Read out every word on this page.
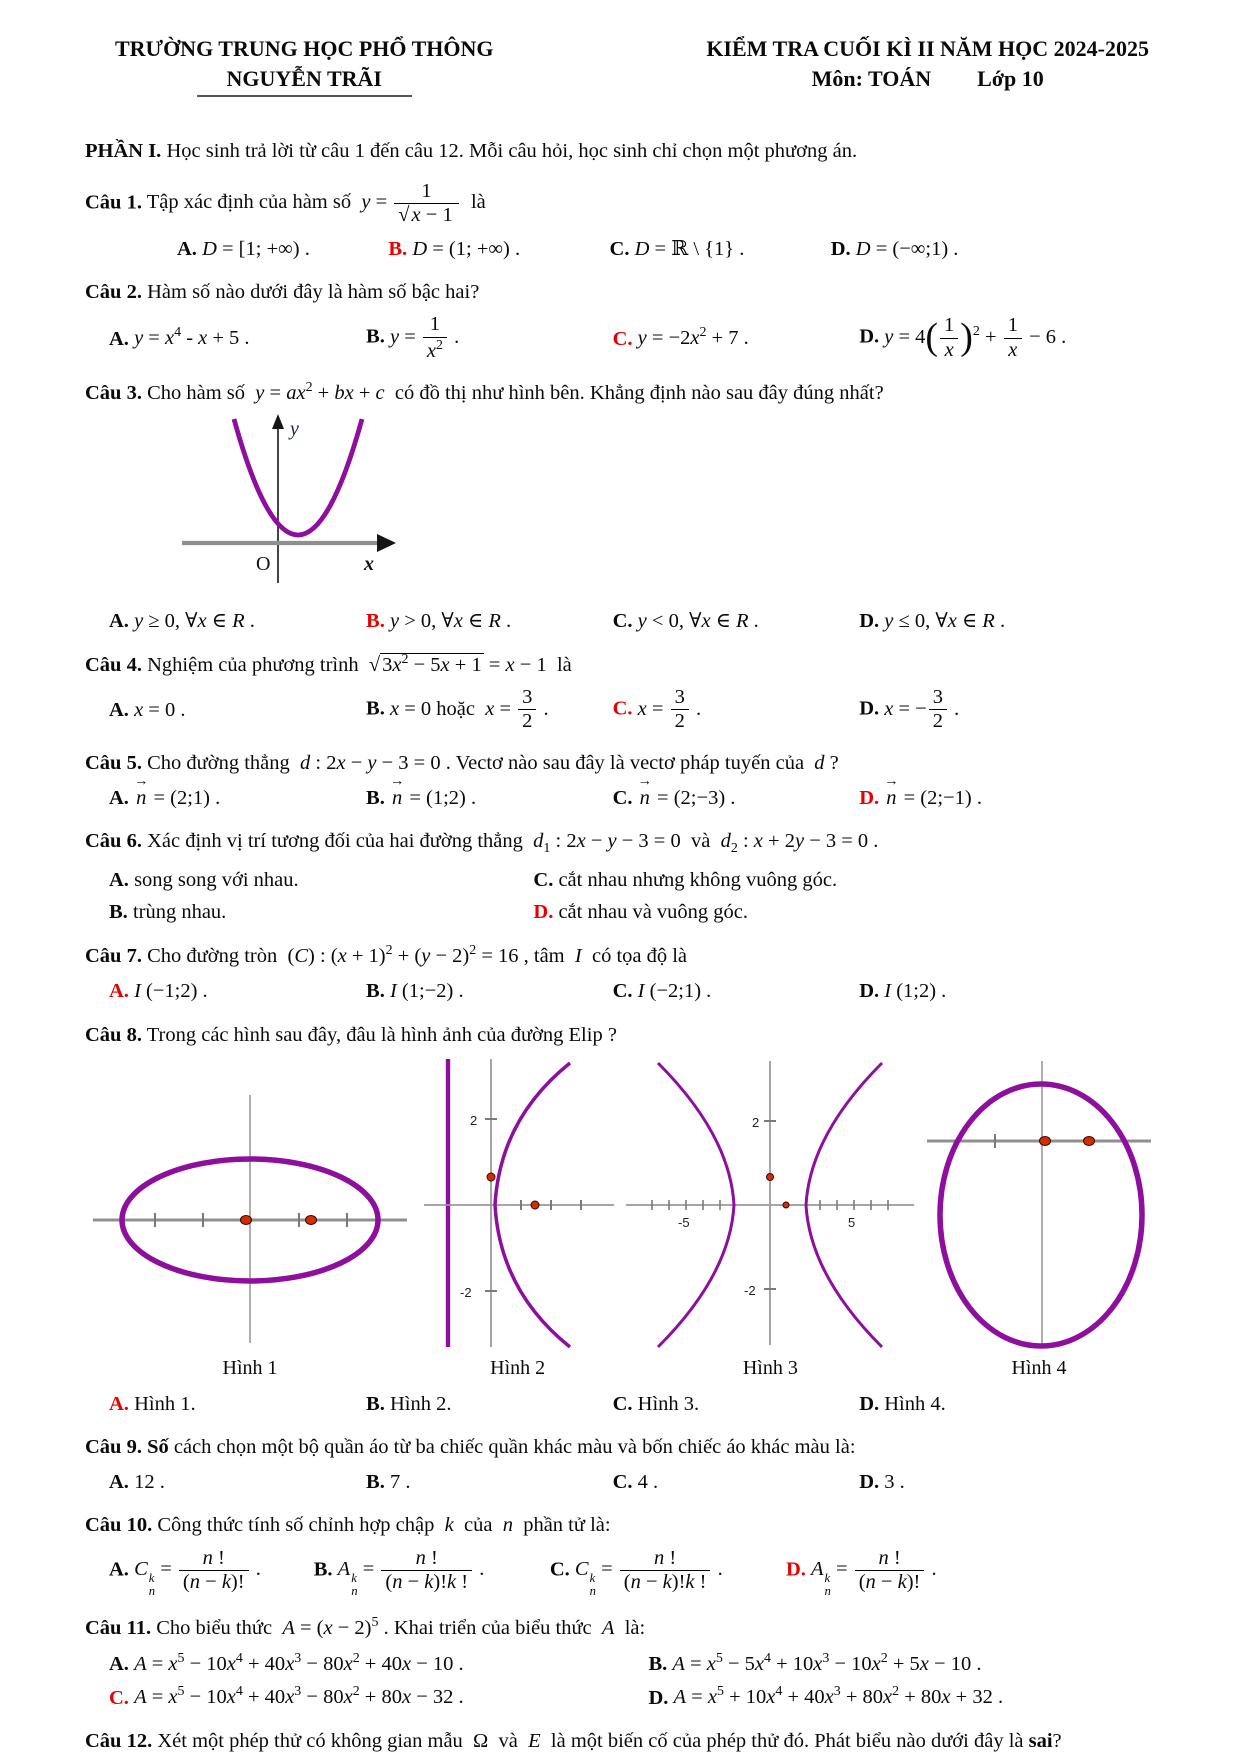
TRƯỜNG TRUNG HỌC PHỔ THÔNG
NGUYỄN TRÃI
KIỂM TRA CUỐI KÌ II NĂM HỌC 2024-2025
Môn: TOÁN Lớp 10
PHẦN I. Học sinh trả lời từ câu 1 đến câu 12. Mỗi câu hỏi, học sinh chỉ chọn một phương án.
Câu 1. Tập xác định của hàm số  $y = \frac{1}{√x - 1}$ là
A. D = [1; +∞) .	B. D = (1; +∞) .	C. D = ℝ \ {1} .	D. D = (−∞;1) .
Câu 2. Hàm số nào dưới đây là hàm số bậc hai?
A. $y = x^4 - x + 5$ .	B. $y = \frac{1}{x^2}$ .	C. $y = -2x^2 + 7$ .	D. $y = 4( \frac{1}{x} )^2 + \frac{1}{x} - 6$ .
Câu 3. Cho hàm số  $y = ax^2$ + bx + c  có đồ thị như hình bên. Khẳng định nào sau đây đúng nhất?
O	x
y
A. y ≥ 0, ∀x ∈ R .	B. y > 0, ∀x ∈ R .	C. y < 0, ∀x ∈ R .	D. y ≤ 0, ∀x ∈ R .
Câu 4. Nghiệm của phương trình  $√3x^2 - 5x + 1 = x - 1$  là
A. x = 0 .	B. x = 0 hoặc  $x = \frac{3}{2}$ .	C. $x = \frac{3}{2}$ .	D. x = − $\frac{3}{2}$ .
Câu 5. Cho đường thẳng  d : 2x − y − 3 = 0 . Vectơ nào sau đây là vectơ pháp tuyến của  d ?
A. → n = (2;1) .	B. → n = (1;2) .	C. → n = (2;−3) .	D. → n = (2;−1) .
Câu 6. Xác định vị trí tương đối của hai đường thẳng  $d_1$ : 2x − y − 3 = 0  và  $d_2$ : x + 2y − 3 = 0 .
A. song song với nhau.	C. cắt nhau nhưng không vuông góc.
B. trùng nhau.	D. cắt nhau và vuông góc.
Câu 7. Cho đường tròn  (C) : $(x + 1)^2 + (y - 2)^2 = 16$ , tâm  I  có tọa độ là
A. I (−1;2) .	B. I (1;−2) .	C. I (−2;1) .	D. I (1;2) .
Câu 8. Trong các hình sau đây, đâu là hình ảnh của đường Elip ?
Hình 1
2
-2
Hình 2
2
-2
-5	5
Hình 3	Hình 4
A. Hình 1.	B. Hình 2.	C. Hình 3.	D. Hình 4.
Câu 9. Số cách chọn một bộ quần áo từ ba chiếc quần khác màu và bốn chiếc áo khác màu là:
A. 12 .	B. 7 .	C. 4 .	D. 3 .
Câu 10. Công thức tính số chỉnh hợp chập  k  của  n  phần tử là:
A. C k
n
= $\frac{n !}{(n - k)!}$ .	B. A k
n
= $\frac{n !}{(n - k)!k !}$ .	C. C k
n
= $\frac{n !}{(n - k)!k !}$ .	D. A k
n
= $\frac{n !}{(n - k)!}$ .
Câu 11. Cho biểu thức  $A = (x - 2)^5$ . Khai triển của biểu thức  A  là:
A. $A = x^5 - 10x^4 + 40x^3 - 80x^2 + 40x - 10$ .	B. $A = x^5 - 5x^4 + 10x^3 - 10x^2 + 5x - 10$ .
C. $A = x^5 - 10x^4 + 40x^3 - 80x^2 + 80x - 32$ .	D. $A = x^5 + 10x^4 + 40x^3 + 80x^2 + 80x + 32$ .
Câu 12. Xét một phép thử có không gian mẫu  Ω  và  E  là một biến cố của phép thử đó. Phát biểu nào dưới đây là sai?
